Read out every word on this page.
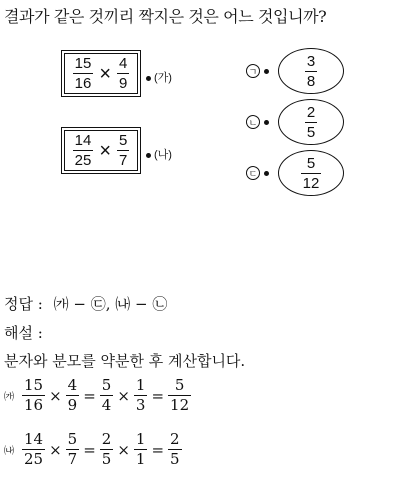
결과가 같은 것끼리 짝지은 것은 어느 것입니까?
$\frac{15}{16} \times \frac{4}{9}$	(가)
$\frac{14}{25} \times \frac{5}{7}$	(나)
ㄱ	$\frac{3}{8}$
ㄴ	$\frac{2}{5}$
ㄷ	$\frac{5}{12}$
정답 : ㈎ − ㉢, ㈏ − ㉡
해설 :
분자와 분모를 약분한 후 계산합니다.
㈎ $\frac{15}{16} \times \frac{4}{9} = \frac{5}{4} \times \frac{1}{3} = \frac{5}{12}$
㈏ $\frac{14}{25} \times \frac{5}{7} = \frac{2}{5} \times \frac{1}{1} = \frac{2}{5}$
